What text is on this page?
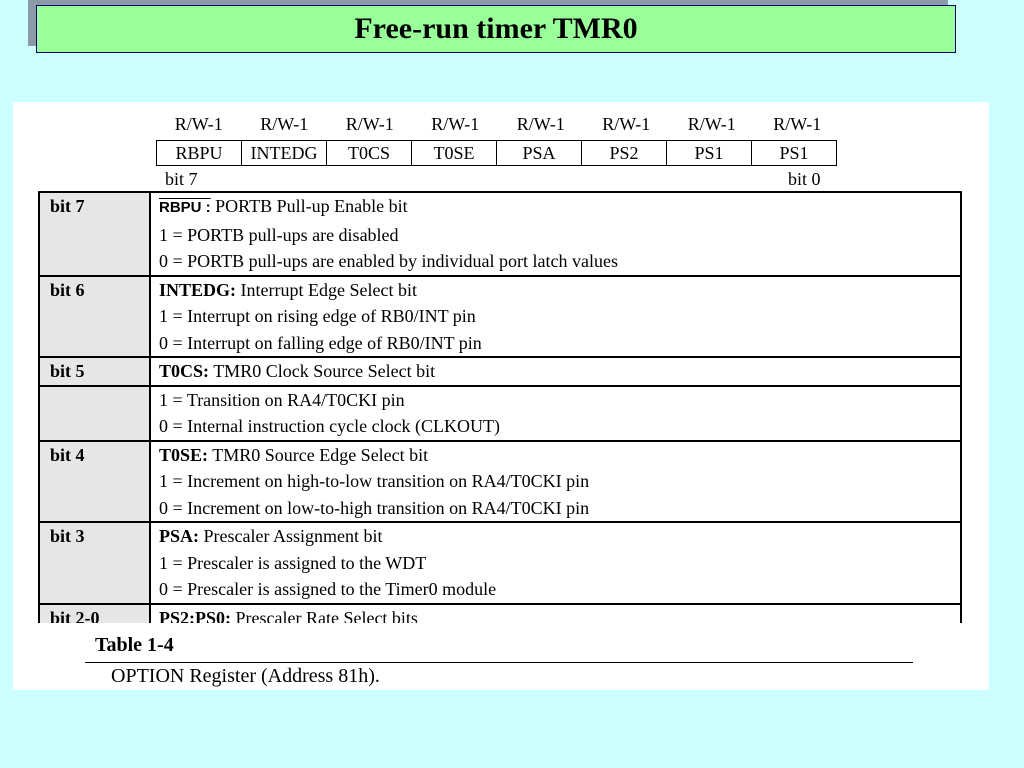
Free-run timer TMR0
R/W-1	R/W-1	R/W-1	R/W-1	R/W-1	R/W-1	R/W-1	R/W-1
RBPU	INTEDG	T0CS	T0SE	PSA	PS2	PS1	PS1
bit 7	bit 0
bit 7	RBPU : PORTB Pull-up Enable bit
	1 = PORTB pull-ups are disabled
	0 = PORTB pull-ups are enabled by individual port latch values
bit 6	INTEDG: Interrupt Edge Select bit
	1 = Interrupt on rising edge of RB0/INT pin
	0 = Interrupt on falling edge of RB0/INT pin
bit 5	T0CS: TMR0 Clock Source Select bit
	1 = Transition on RA4/T0CKI pin
	0 = Internal instruction cycle clock (CLKOUT)
bit 4	T0SE: TMR0 Source Edge Select bit
	1 = Increment on high-to-low transition on RA4/T0CKI pin
	0 = Increment on low-to-high transition on RA4/T0CKI pin
bit 3	PSA: Prescaler Assignment bit
	1 = Prescaler is assigned to the WDT
	0 = Prescaler is assigned to the Timer0 module
bit 2-0	PS2:PS0: Prescaler Rate Select bits
Table 1-4
OPTION Register (Address 81h).
